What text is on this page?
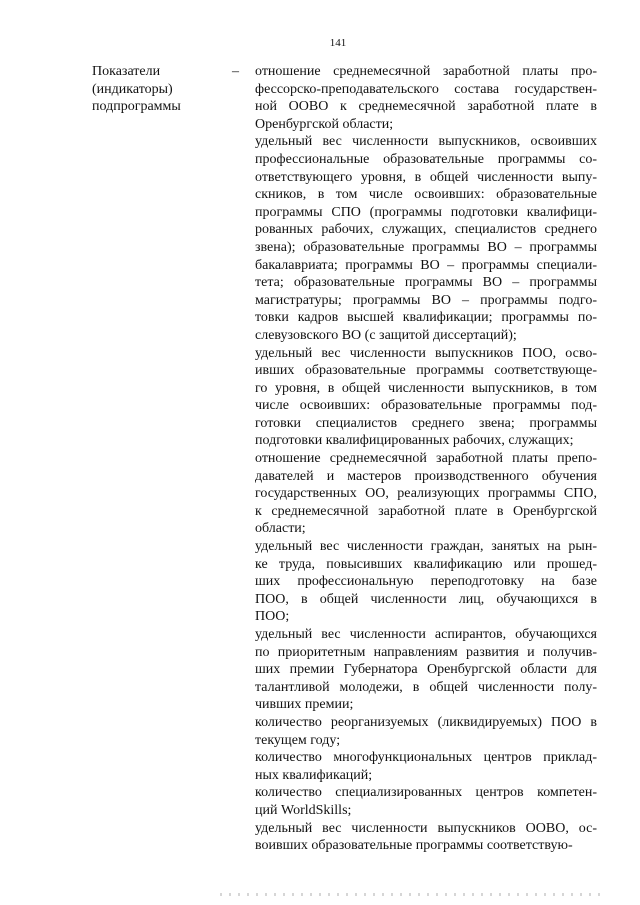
141
Показатели
(индикаторы)
подпрограммы
– отношение среднемесячной заработной платы про-
фессорско-преподавательского состава государствен-
ной ООВО к среднемесячной заработной плате в
Оренбургской области;
удельный вес численности выпускников, освоивших
профессиональные образовательные программы со-
ответствующего уровня, в общей численности выпу-
скников, в том числе освоивших: образовательные
программы СПО (программы подготовки квалифици-
рованных рабочих, служащих, специалистов среднего
звена); образовательные программы ВО – программы
бакалавриата; программы ВО – программы специали-
тета; образовательные программы ВО – программы
магистратуры; программы ВО – программы подго-
товки кадров высшей квалификации; программы по-
слевузовского ВО (с защитой диссертаций);
удельный вес численности выпускников ПОО, осво-
ивших образовательные программы соответствующе-
го уровня, в общей численности выпускников, в том
числе освоивших: образовательные программы под-
готовки специалистов среднего звена; программы
подготовки квалифицированных рабочих, служащих;
отношение среднемесячной заработной платы препо-
давателей и мастеров производственного обучения
государственных ОО, реализующих программы СПО,
к среднемесячной заработной плате в Оренбургской
области;
удельный вес численности граждан, занятых на рын-
ке труда, повысивших квалификацию или прошед-
ших профессиональную переподготовку на базе
ПОО, в общей численности лиц, обучающихся в
ПОО;
удельный вес численности аспирантов, обучающихся
по приоритетным направлениям развития и получив-
ших премии Губернатора Оренбургской области для
талантливой молодежи, в общей численности полу-
чивших премии;
количество реорганизуемых (ликвидируемых) ПОО в
текущем году;
количество многофункциональных центров приклад-
ных квалификаций;
количество специализированных центров компетен-
ций WorldSkills;
удельный вес численности выпускников ООВО, ос-
воивших образовательные программы соответствую-
